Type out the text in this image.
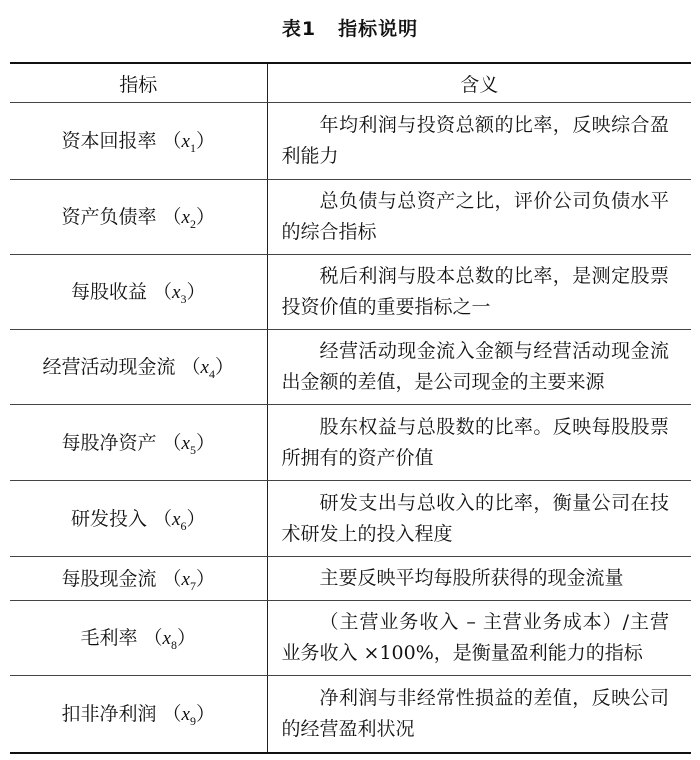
表1 指标说明
指标	含义
资本回报率 $(x_1)$	年均利润与投资总额的比率，反映综合盈利能力
资产负债率 $(x_2)$	总负债与总资产之比，评价公司负债水平的综合指标
每股收益 $(x_3)$	税后利润与股本总数的比率，是测定股票投资价值的重要指标之一
经营活动现金流 $(x_4)$	经营活动现金流入金额与经营活动现金流出金额的差值，是公司现金的主要来源
每股净资产 $(x_5)$	股东权益与总股数的比率。反映每股股票所拥有的资产价值
研发投入 $(x_6)$	研发支出与总收入的比率，衡量公司在技术研发上的投入程度
每股现金流 $(x_7)$	主要反映平均每股所获得的现金流量
毛利率 $(x_8)$	（主营业务收入 – 主营业务成本）/主营业务收入 ×100%，是衡量盈利能力的指标
扣非净利润 $(x_9)$	净利润与非经常性损益的差值，反映公司的经营盈利状况
